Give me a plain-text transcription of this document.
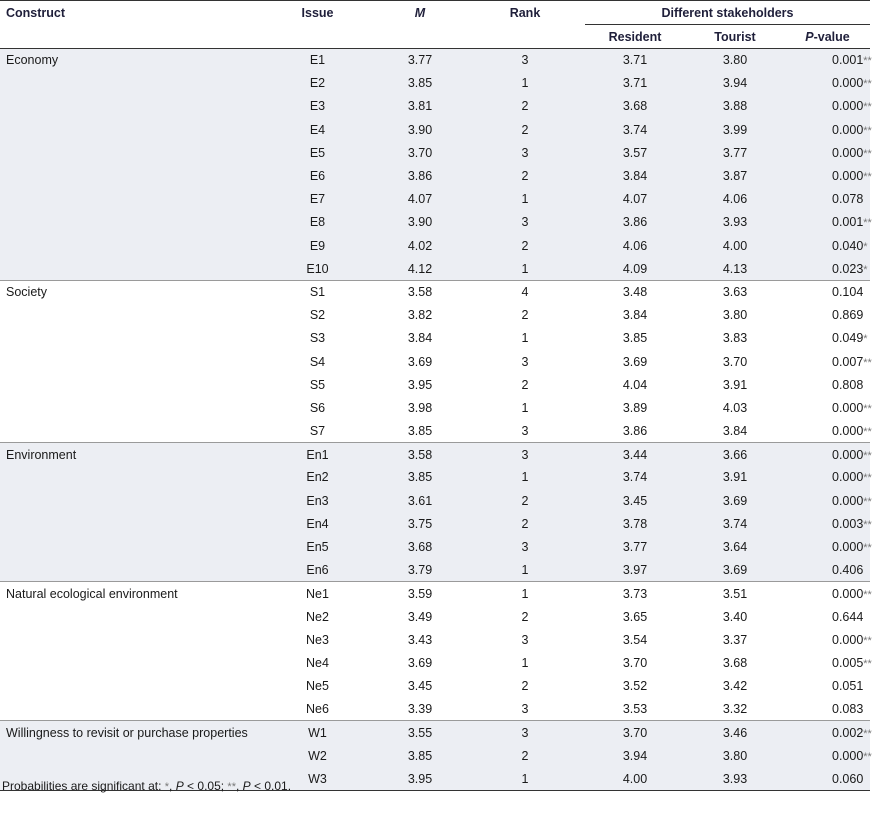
Construct	Issue	M	Rank	Different stakeholders		
				Resident	Tourist	P-value
Economy	E1	3.77	3	3.71	3.80	0.001**
	E2	3.85	1	3.71	3.94	0.000**
	E3	3.81	2	3.68	3.88	0.000**
	E4	3.90	2	3.74	3.99	0.000**
	E5	3.70	3	3.57	3.77	0.000**
	E6	3.86	2	3.84	3.87	0.000**
	E7	4.07	1	4.07	4.06	0.078
	E8	3.90	3	3.86	3.93	0.001**
	E9	4.02	2	4.06	4.00	0.040*
	E10	4.12	1	4.09	4.13	0.023*
Society	S1	3.58	4	3.48	3.63	0.104
	S2	3.82	2	3.84	3.80	0.869
	S3	3.84	1	3.85	3.83	0.049*
	S4	3.69	3	3.69	3.70	0.007**
	S5	3.95	2	4.04	3.91	0.808
	S6	3.98	1	3.89	4.03	0.000**
	S7	3.85	3	3.86	3.84	0.000**
Environment	En1	3.58	3	3.44	3.66	0.000**
	En2	3.85	1	3.74	3.91	0.000**
	En3	3.61	2	3.45	3.69	0.000**
	En4	3.75	2	3.78	3.74	0.003**
	En5	3.68	3	3.77	3.64	0.000**
	En6	3.79	1	3.97	3.69	0.406
Natural ecological environment	Ne1	3.59	1	3.73	3.51	0.000**
	Ne2	3.49	2	3.65	3.40	0.644
	Ne3	3.43	3	3.54	3.37	0.000**
	Ne4	3.69	1	3.70	3.68	0.005**
	Ne5	3.45	2	3.52	3.42	0.051
	Ne6	3.39	3	3.53	3.32	0.083
Willingness to revisit or purchase properties	W1	3.55	3	3.70	3.46	0.002**
	W2	3.85	2	3.94	3.80	0.000**
	W3	3.95	1	4.00	3.93	0.060
Probabilities are significant at: *, P < 0.05; **, P < 0.01.
